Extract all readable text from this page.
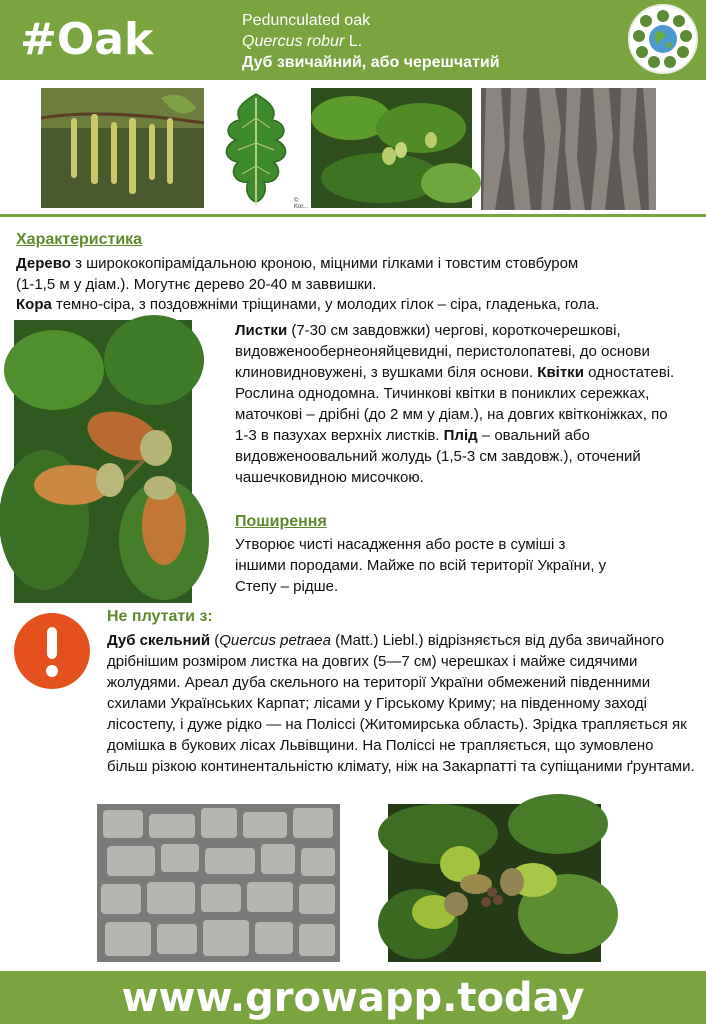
#Oak	Pedunculated oak
Quercus robur L.
Дуб звичайний, або черешчатий
© Kor...
Характеристика
Дерево з ширококопірамідальною кроною, міцними гілками і товстим стовбуром
(1-1,5 м у діам.). Могутнє дерево 20-40 м заввишки.
Кора темно-сіра, з поздовжніми тріщинами, у молодих гілок – сіра, гладенька, гола.
Листки (7-30 см завдовжки) чергові, короткочерешкові, видовженообернеоняйцевидні, перистолопатеві, до основи клиновидновужені, з вушками біля основи. Квітки одностатеві. Рослина однодомна. Тичинкові квітки в пониклих сережках, маточкові – дрібні (до 2 мм у діам.), на довгих квітконіжках, по 1-3 в пазухах верхніх листків. Плід – овальний або видовженоовальний жолудь (1,5-3 см завдовж.), оточений чашечковидною мисочкою.
Поширення
Утворює чисті насадження або росте в суміші з іншими породами. Майже по всій території України, у Степу – рідше.
Не плутати з:
Дуб скельний (Quercus petraea (Matt.) Liebl.) відрізняється від дуба звичайного дрібнішим розміром листка на довгих (5—7 см) черешках і майже сидячими жолудями. Ареал дуба скельного на території України обмежений південними схилами Українських Карпат; лісами у Гірському Криму; на південному заході лісостепу, і дуже рідко — на Поліссі (Житомирська область). Зрідка трапляється як домішка в букових лісах Львівщини. На Поліссі не трапляється, що зумовлено більш різкою континентальністю клімату, ніж на Закарпатті та супіщаними ґрунтами.
www.growapp.today
